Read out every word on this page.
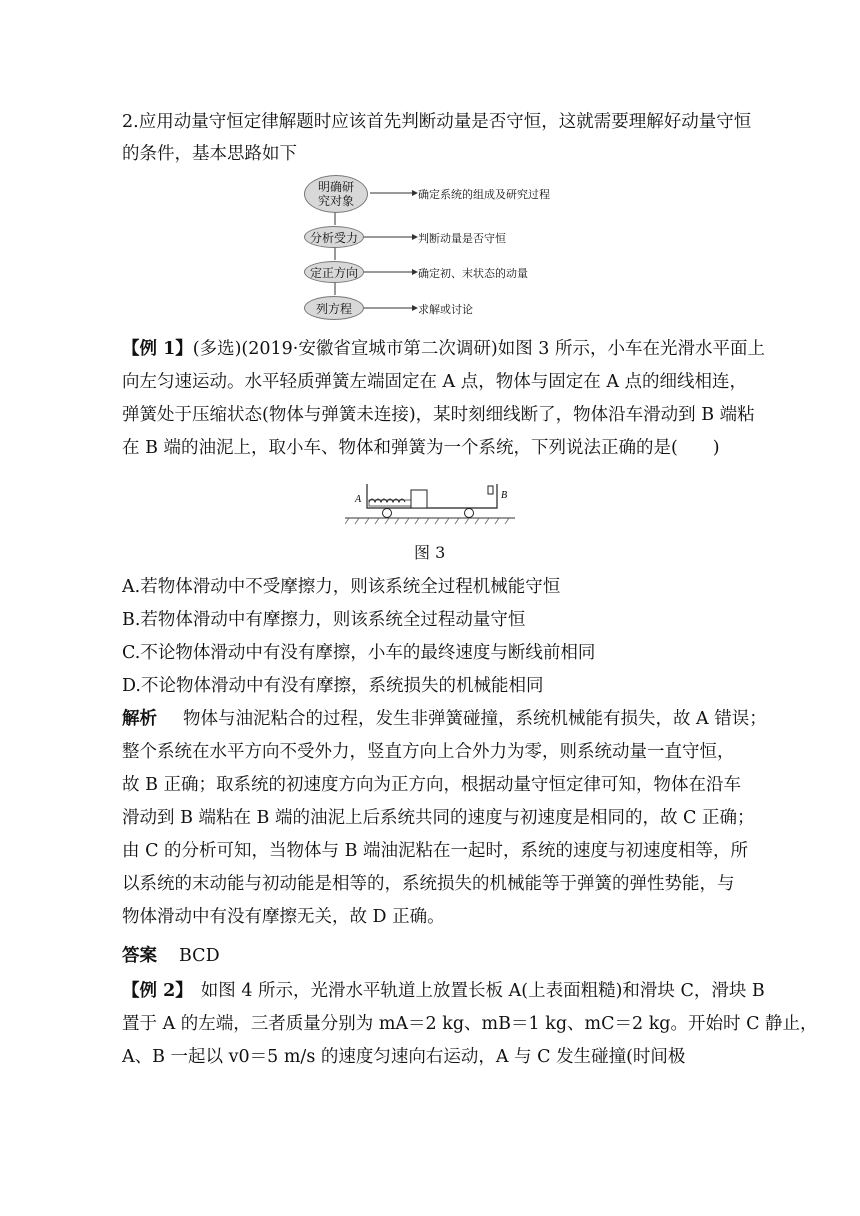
2.应用动量守恒定律解题时应该首先判断动量是否守恒，这就需要理解好动量守恒
的条件，基本思路如下
明确研
究对象
分析受力
定正方向
列方程
确定系统的组成及研究过程
判断动量是否守恒
确定初、末状态的动量
求解或讨论
【例 1】(多选)(2019·安徽省宣城市第二次调研)如图 3 所示，小车在光滑水平面上
向左匀速运动。水平轻质弹簧左端固定在 A 点，物体与固定在 A 点的细线相连，
弹簧处于压缩状态(物体与弹簧未连接)，某时刻细线断了，物体沿车滑动到 B 端粘
在 B 端的油泥上，取小车、物体和弹簧为一个系统，下列说法正确的是(　　)
A	B
图 3
A.若物体滑动中不受摩擦力，则该系统全过程机械能守恒
B.若物体滑动中有摩擦力，则该系统全过程动量守恒
C.不论物体滑动中有没有摩擦，小车的最终速度与断线前相同
D.不论物体滑动中有没有摩擦，系统损失的机械能相同
解析 物体与油泥粘合的过程，发生非弹簧碰撞，系统机械能有损失，故 A 错误；
整个系统在水平方向不受外力，竖直方向上合外力为零，则系统动量一直守恒，
故 B 正确；取系统的初速度方向为正方向，根据动量守恒定律可知，物体在沿车
滑动到 B 端粘在 B 端的油泥上后系统共同的速度与初速度是相同的，故 C 正确；
由 C 的分析可知，当物体与 B 端油泥粘在一起时，系统的速度与初速度相等，所
以系统的末动能与初动能是相等的，系统损失的机械能等于弹簧的弹性势能，与
物体滑动中有没有摩擦无关，故 D 正确。
答案 BCD
【例 2】 如图 4 所示，光滑水平轨道上放置长板 A(上表面粗糙)和滑块 C，滑块 B
置于 A 的左端，三者质量分别为 mA＝2 kg、mB＝1 kg、mC＝2 kg。开始时 C 静止，
A、B 一起以 v0＝5 m/s 的速度匀速向右运动，A 与 C 发生碰撞(时间极
